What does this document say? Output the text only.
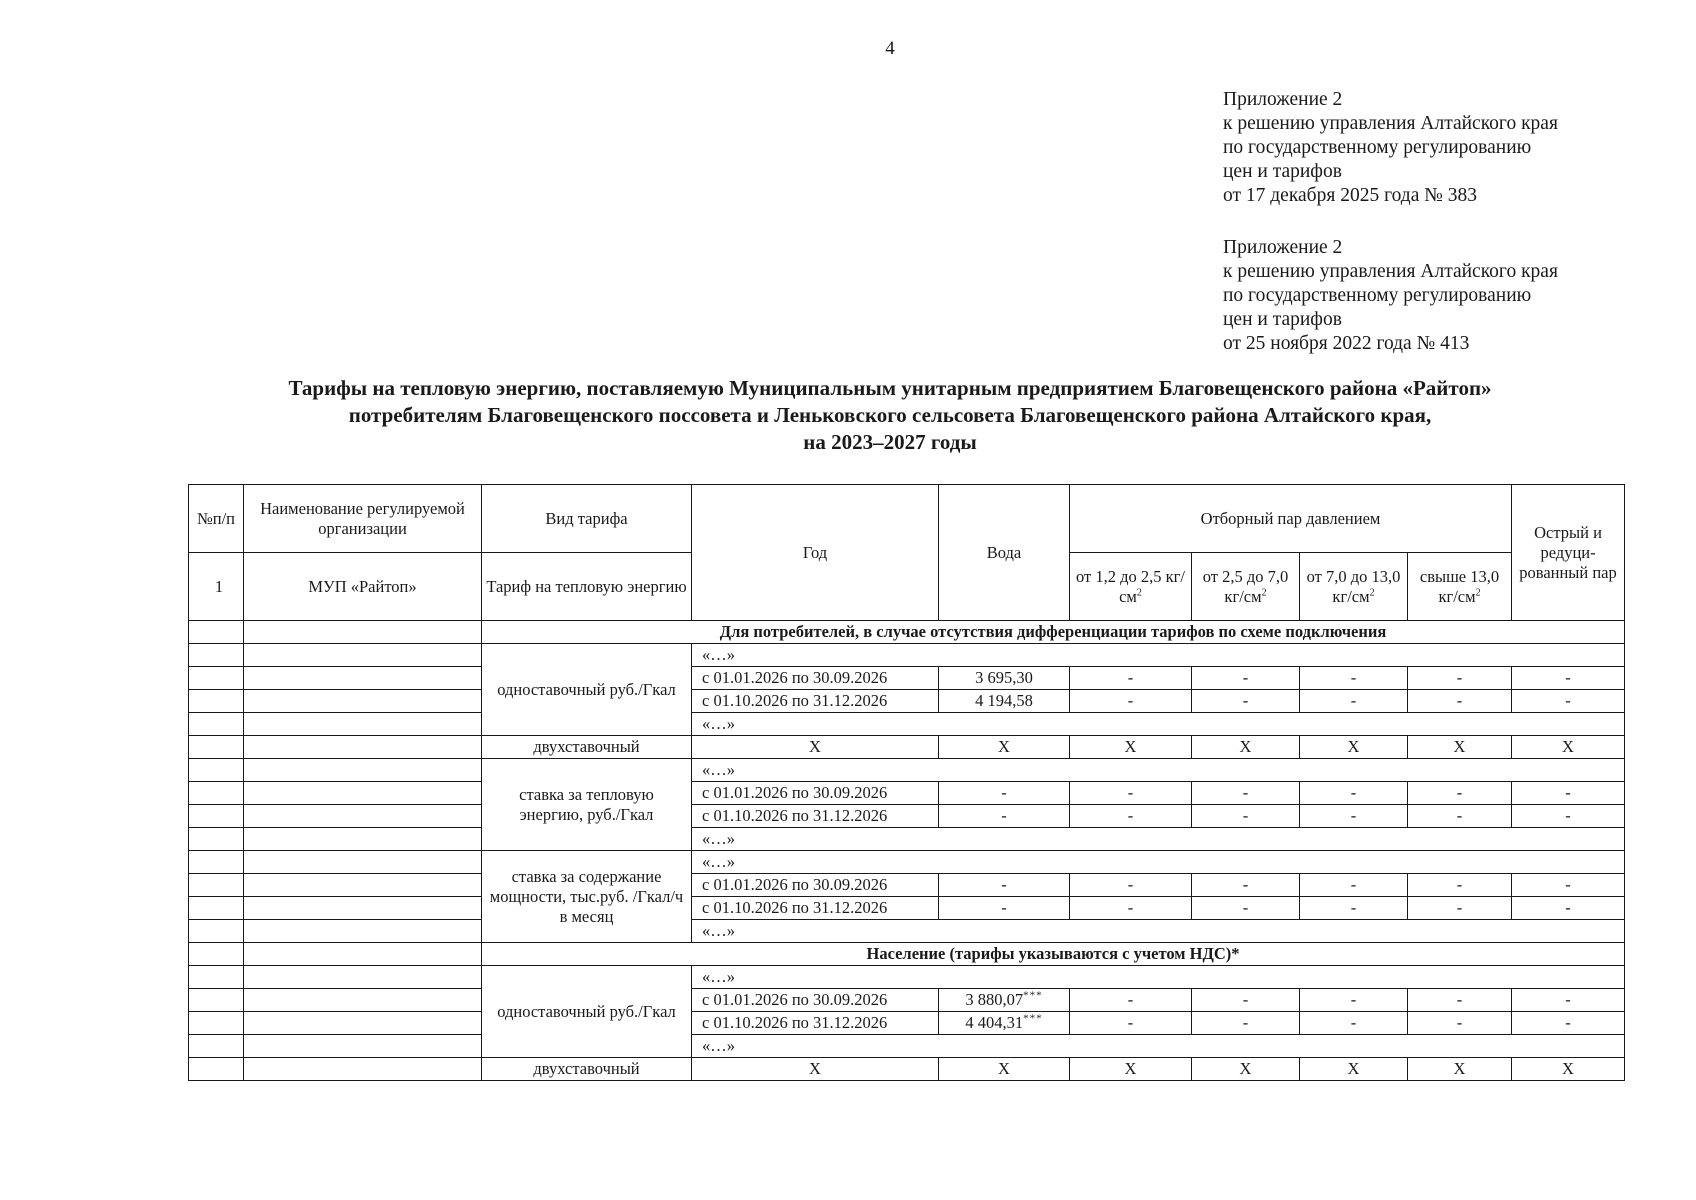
4
Приложение 2
к решению управления Алтайского края
по государственному регулированию
цен и тарифов
от 17 декабря 2025 года № 383
Приложение 2
к решению управления Алтайского края
по государственному регулированию
цен и тарифов
от 25 ноября 2022 года № 413
Тарифы на тепловую энергию, поставляемую Муниципальным унитарным предприятием Благовещенского района «Райтоп»
потребителям Благовещенского поссовета и Леньковского сельсовета Благовещенского района Алтайского края,
на 2023–2027 годы
№п/п	Наименование регулируемой организации	Вид тарифа	Год	Вода	Отборный пар давлением				Острый и редуци-рованный пар
1	МУП «Райтоп»	Тариф на тепловую энергию			от 1,2 до 2,5 $кг/см^2$	от 2,5 до 7,0 $кг/см^2$	от 7,0 до 13,0 $кг/см^2$	свыше 13,0 $кг/см^2$
		Для потребителей, в случае отсутствия дифференциации тарифов по схеме подключения							
		одноставочный руб./Гкал	«…»						
			с 01.01.2026 по 30.09.2026	3 695,30	-	-	-	-	-
			с 01.10.2026 по 31.12.2026	4 194,58	-	-	-	-	-
			«…»						
		двухставочный	X	X	X	X	X	X	X
		ставка за тепловую энергию, руб./Гкал	«…»						
			с 01.01.2026 по 30.09.2026	-	-	-	-	-	-
			с 01.10.2026 по 31.12.2026	-	-	-	-	-	-
			«…»						
		ставка за содержание мощности, тыс.руб. /Гкал/ч в месяц	«…»						
			с 01.01.2026 по 30.09.2026	-	-	-	-	-	-
			с 01.10.2026 по 31.12.2026	-	-	-	-	-	-
			«…»						
		Население (тарифы указываются с учетом НДС)*							
		одноставочный руб./Гкал	«…»						
			с 01.01.2026 по 30.09.2026	3 880,07***	-	-	-	-	-
			с 01.10.2026 по 31.12.2026	4 404,31***	-	-	-	-	-
			«…»						
		двухставочный	X	X	X	X	X	X	X
